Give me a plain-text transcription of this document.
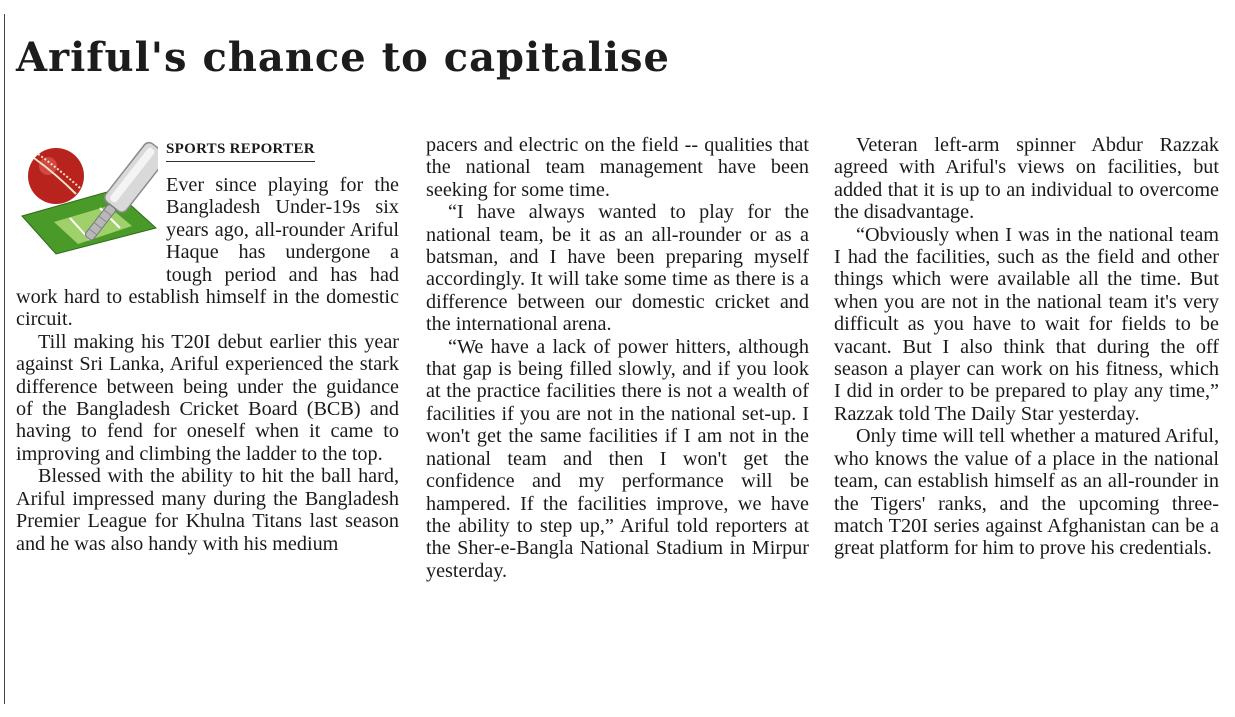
Ariful's chance to capitalise
SPORTS REPORTER

Ever since playing for the Bangladesh Under-19s six years ago, all-rounder Ariful Haque has undergone a tough period and has had work hard to establish himself in the domestic circuit.

Till making his T20I debut earlier this year against Sri Lanka, Ariful experienced the stark difference between being under the guidance of the Bangladesh Cricket Board (BCB) and having to fend for oneself when it came to improving and climbing the ladder to the top.

Blessed with the ability to hit the ball hard, Ariful impressed many during the Bangladesh Premier League for Khulna Titans last season and he was also handy with his medium

pacers and electric on the field -- qualities that the national team management have been seeking for some time.

“I have always wanted to play for the national team, be it as an all-rounder or as a batsman, and I have been preparing myself accordingly. It will take some time as there is a difference between our domestic cricket and the international arena.

“We have a lack of power hitters, although that gap is being filled slowly, and if you look at the practice facilities there is not a wealth of facilities if you are not in the national set-up. I won't get the same facilities if I am not in the national team and then I won't get the confidence and my performance will be hampered. If the facilities improve, we have the ability to step up,” Ariful told reporters at the Sher-e-Bangla National Stadium in Mirpur yesterday.

Veteran left-arm spinner Abdur Razzak agreed with Ariful's views on facilities, but added that it is up to an individual to overcome the disadvantage.

“Obviously when I was in the national team I had the facilities, such as the field and other things which were available all the time. But when you are not in the national team it's very difficult as you have to wait for fields to be vacant. But I also think that during the off season a player can work on his fitness, which I did in order to be prepared to play any time,” Razzak told The Daily Star yesterday.

Only time will tell whether a matured Ariful, who knows the value of a place in the national team, can establish himself as an all-rounder in the Tigers' ranks, and the upcoming three-match T20I series against Afghanistan can be a great platform for him to prove his credentials.
